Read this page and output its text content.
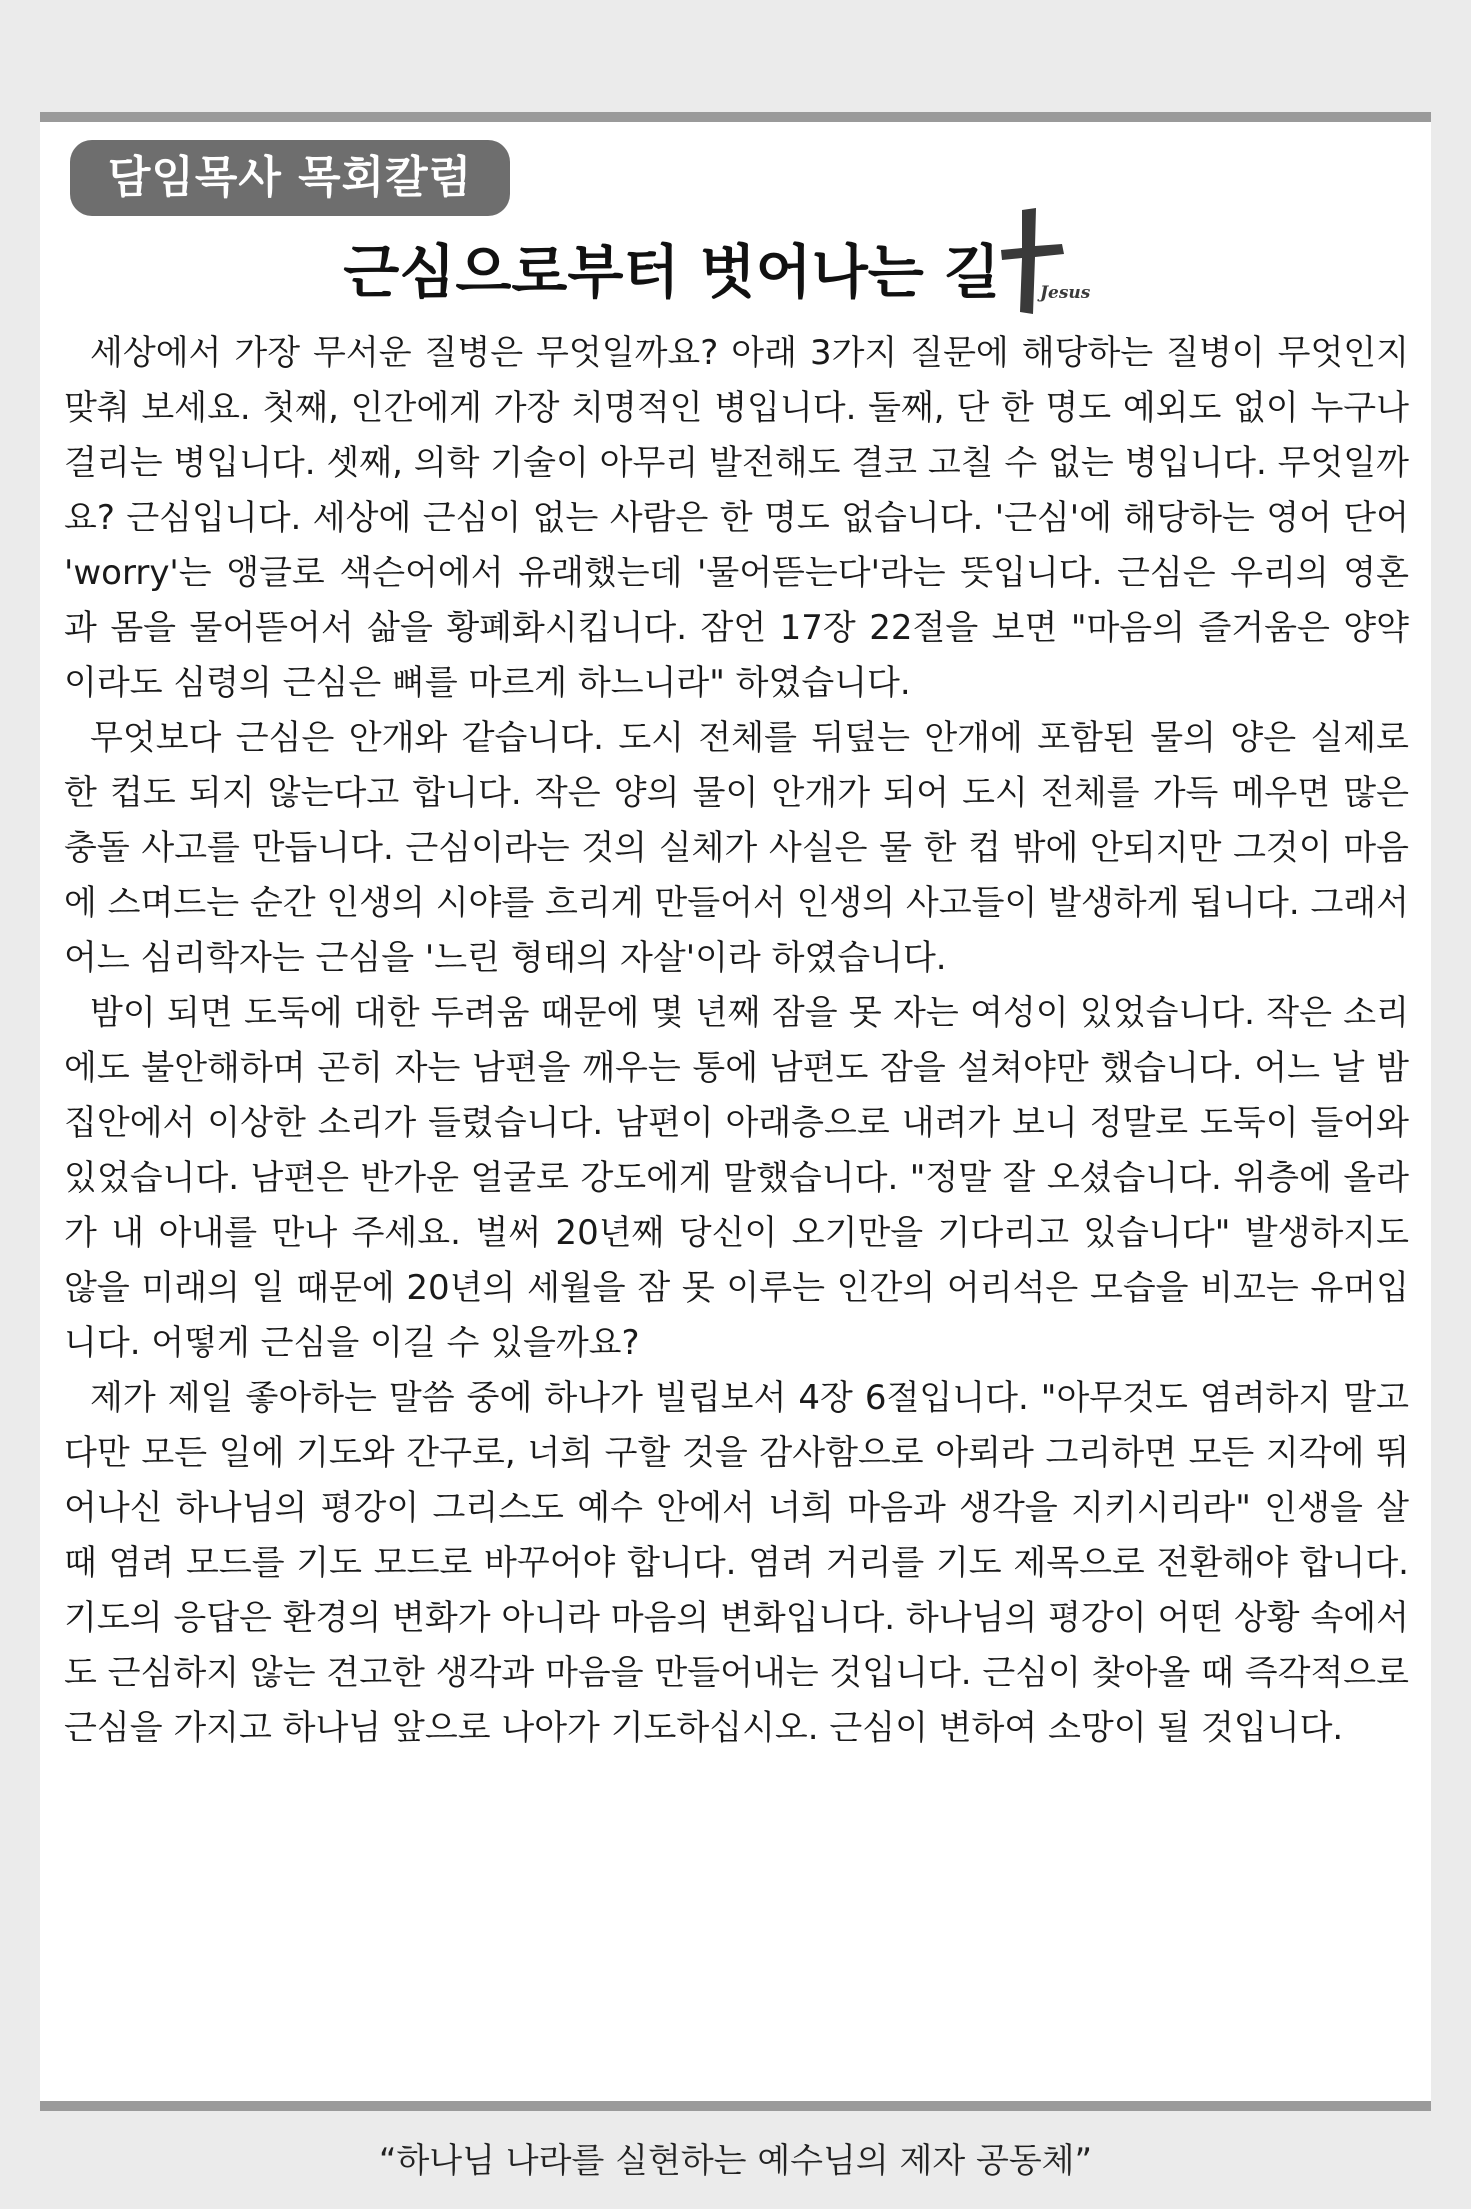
담임목사 목회칼럼
근심으로부터 벗어나는 길 Jesus

세상에서 가장 무서운 질병은 무엇일까요? 아래 3가지 질문에 해당하는 질병이 무엇인지 맞춰 보세요. 첫째, 인간에게 가장 치명적인 병입니다. 둘째, 단 한 명도 예외도 없이 누구나 걸리는 병입니다. 셋째, 의학 기술이 아무리 발전해도 결코 고칠 수 없는 병입니다. 무엇일까요? 근심입니다. 세상에 근심이 없는 사람은 한 명도 없습니다. '근심'에 해당하는 영어 단어 'worry'는 앵글로 색슨어에서 유래했는데 '물어뜯는다'라는 뜻입니다. 근심은 우리의 영혼과 몸을 물어뜯어서 삶을 황폐화시킵니다. 잠언 17장 22절을 보면 "마음의 즐거움은 양약이라도 심령의 근심은 뼈를 마르게 하느니라" 하였습니다.

무엇보다 근심은 안개와 같습니다. 도시 전체를 뒤덮는 안개에 포함된 물의 양은 실제로 한 컵도 되지 않는다고 합니다. 작은 양의 물이 안개가 되어 도시 전체를 가득 메우면 많은 충돌 사고를 만듭니다. 근심이라는 것의 실체가 사실은 물 한 컵 밖에 안되지만 그것이 마음에 스며드는 순간 인생의 시야를 흐리게 만들어서 인생의 사고들이 발생하게 됩니다. 그래서 어느 심리학자는 근심을 '느린 형태의 자살'이라 하였습니다.

밤이 되면 도둑에 대한 두려움 때문에 몇 년째 잠을 못 자는 여성이 있었습니다. 작은 소리에도 불안해하며 곤히 자는 남편을 깨우는 통에 남편도 잠을 설쳐야만 했습니다. 어느 날 밤 집안에서 이상한 소리가 들렸습니다. 남편이 아래층으로 내려가 보니 정말로 도둑이 들어와 있었습니다. 남편은 반가운 얼굴로 강도에게 말했습니다. "정말 잘 오셨습니다. 위층에 올라가 내 아내를 만나 주세요. 벌써 20년째 당신이 오기만을 기다리고 있습니다" 발생하지도 않을 미래의 일 때문에 20년의 세월을 잠 못 이루는 인간의 어리석은 모습을 비꼬는 유머입니다. 어떻게 근심을 이길 수 있을까요?

제가 제일 좋아하는 말씀 중에 하나가 빌립보서 4장 6절입니다. "아무것도 염려하지 말고 다만 모든 일에 기도와 간구로, 너희 구할 것을 감사함으로 아뢰라 그리하면 모든 지각에 뛰어나신 하나님의 평강이 그리스도 예수 안에서 너희 마음과 생각을 지키시리라" 인생을 살 때 염려 모드를 기도 모드로 바꾸어야 합니다. 염려 거리를 기도 제목으로 전환해야 합니다. 기도의 응답은 환경의 변화가 아니라 마음의 변화입니다. 하나님의 평강이 어떤 상황 속에서도 근심하지 않는 견고한 생각과 마음을 만들어내는 것입니다. 근심이 찾아올 때 즉각적으로 근심을 가지고 하나님 앞으로 나아가 기도하십시오. 근심이 변하여 소망이 될 것입니다.

“하나님 나라를 실현하는 예수님의 제자 공동체”
